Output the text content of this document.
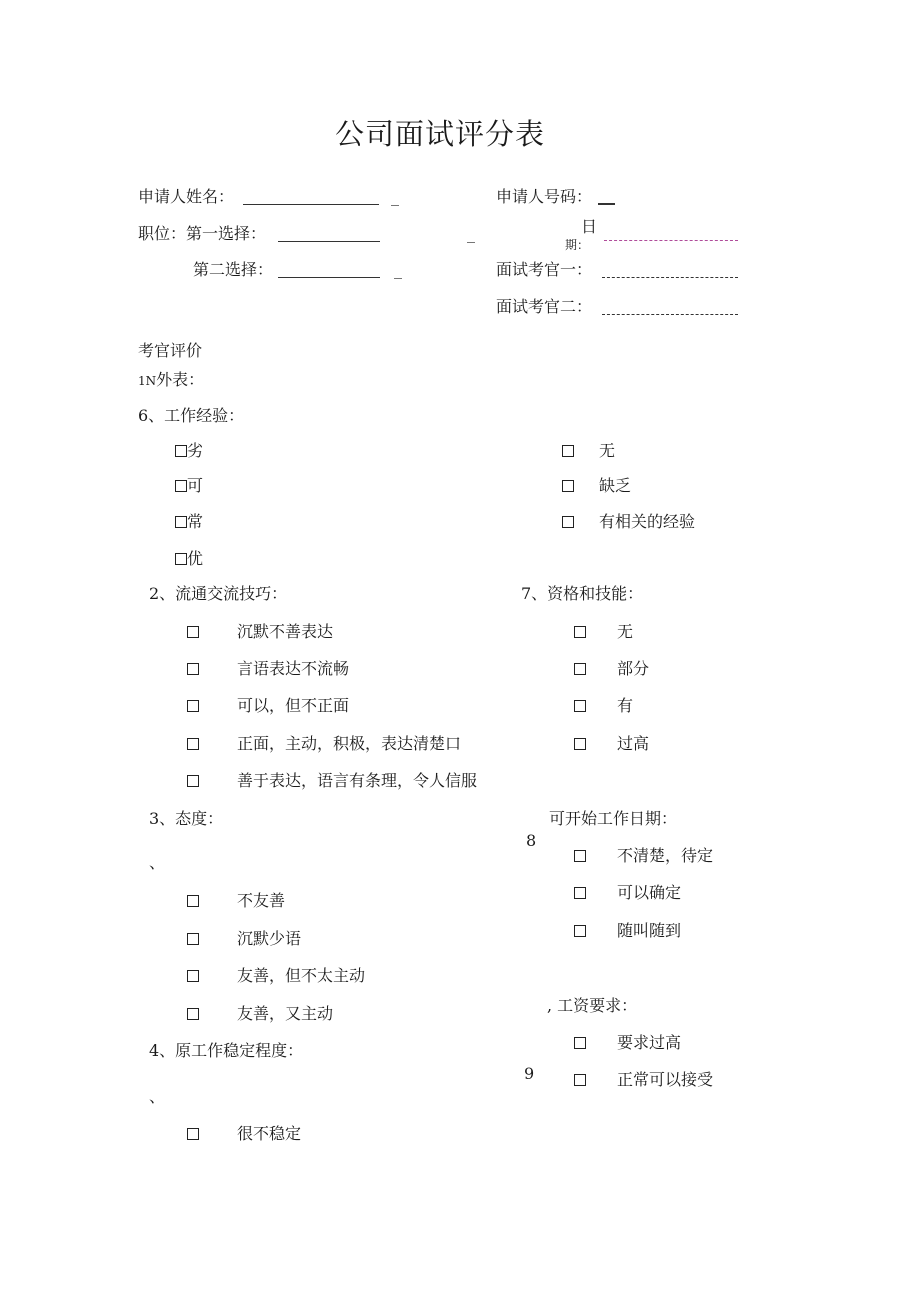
公司面试评分表
申请人姓名：	_	申请人号码：
职位：第一选择：	_	日
期：
第二选择：	_	面试考官一：
面试考官二：
考官评价
1N外表：
6、工作经验：
劣
可
常
优
无
缺乏
有相关的经验
2、流通交流技巧：
沉默不善表达
言语表达不流畅
可以，但不正面
正面，主动，积极，表达清楚口
善于表达，语言有条理，令人信服
7、资格和技能：
无
部分
有
过高
3、态度：
、
不友善
沉默少语
友善，但不太主动
友善，又主动
可开始工作日期：
8
不清楚，待定
可以确定
随叫随到
, 工资要求：
9
要求过高
正常可以接受
4、原工作稳定程度：
、
很不稳定
